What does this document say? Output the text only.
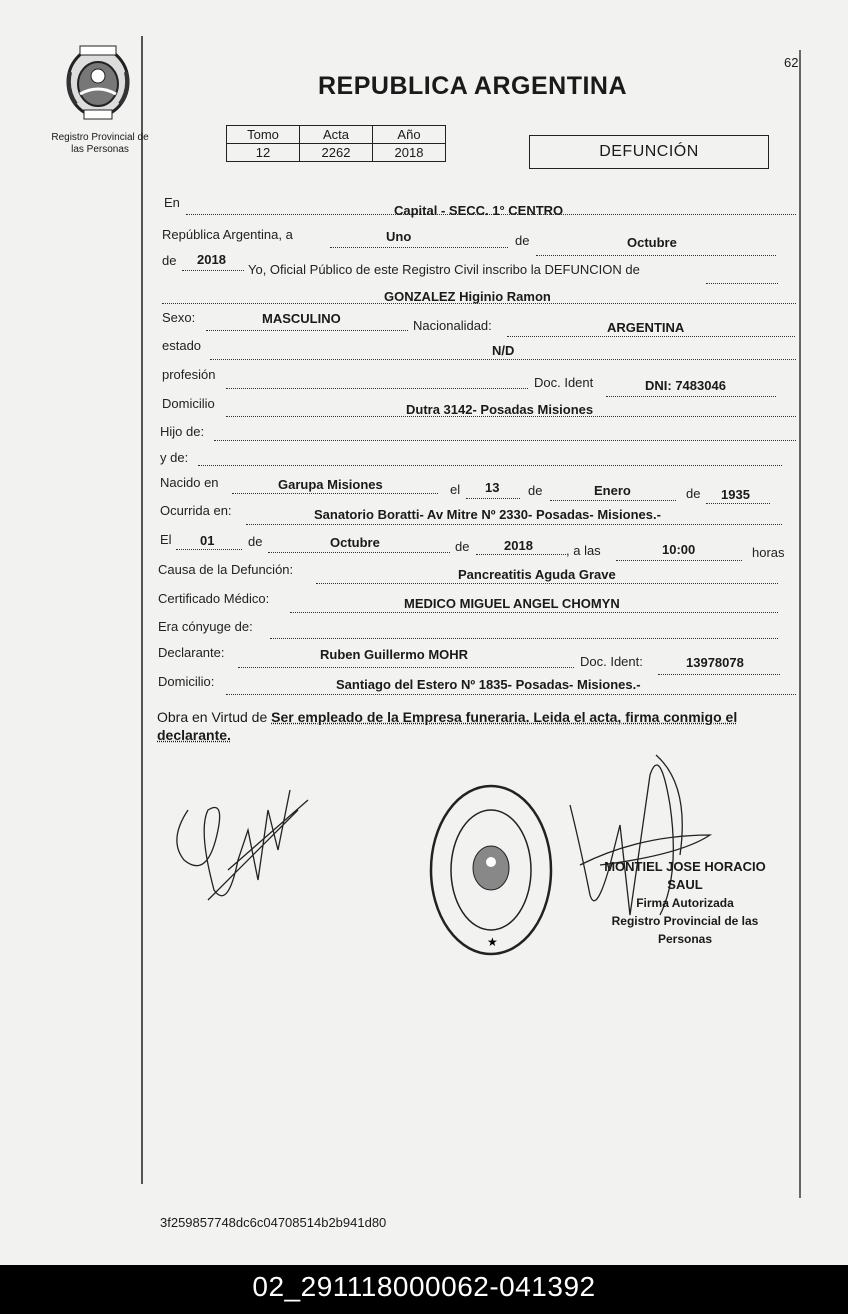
62
Registro Provincial de
las Personas
REPUBLICA ARGENTINA
Tomo	Acta	Año
12	2262	2018	DEFUNCIÓN
En
Capital - SECC. 1° CENTRO
República Argentina, a	Uno	de	Octubre
de 2018
Yo, Oficial Público de este Registro Civil inscribo la DEFUNCION de
GONZALEZ Higinio Ramon
Sexo:	MASCULINO	Nacionalidad:	ARGENTINA
estado	N/D
profesión
Doc. Ident	DNI: 7483046
Domicilio	Dutra 3142- Posadas Misiones
Hijo de:
y de:
Nacido en	Garupa Misiones	el 13 de	Enero	de 1935
Ocurrida en:	Sanatorio Boratti- Av Mitre Nº 2330- Posadas- Misiones.-
El 01	de	Octubre	de	2018	, a las	10:00	horas
Causa de la Defunción:	Pancreatitis Aguda Grave
Certificado Médico:	MEDICO MIGUEL ANGEL CHOMYN
Era cónyuge de:
Declarante:	Ruben Guillermo MOHR	Doc. Ident:	13978078
Domicilio:	Santiago del Estero Nº 1835- Posadas- Misiones.-
Obra en Virtud de Ser empleado de la Empresa funeraria. Leida el acta, firma conmigo el
declarante.
★
MONTIEL JOSE HORACIO SAUL
Firma Autorizada
Registro Provincial de las Personas
3f259857748dc6c04708514b2b941d80
02_291118000062-041392
